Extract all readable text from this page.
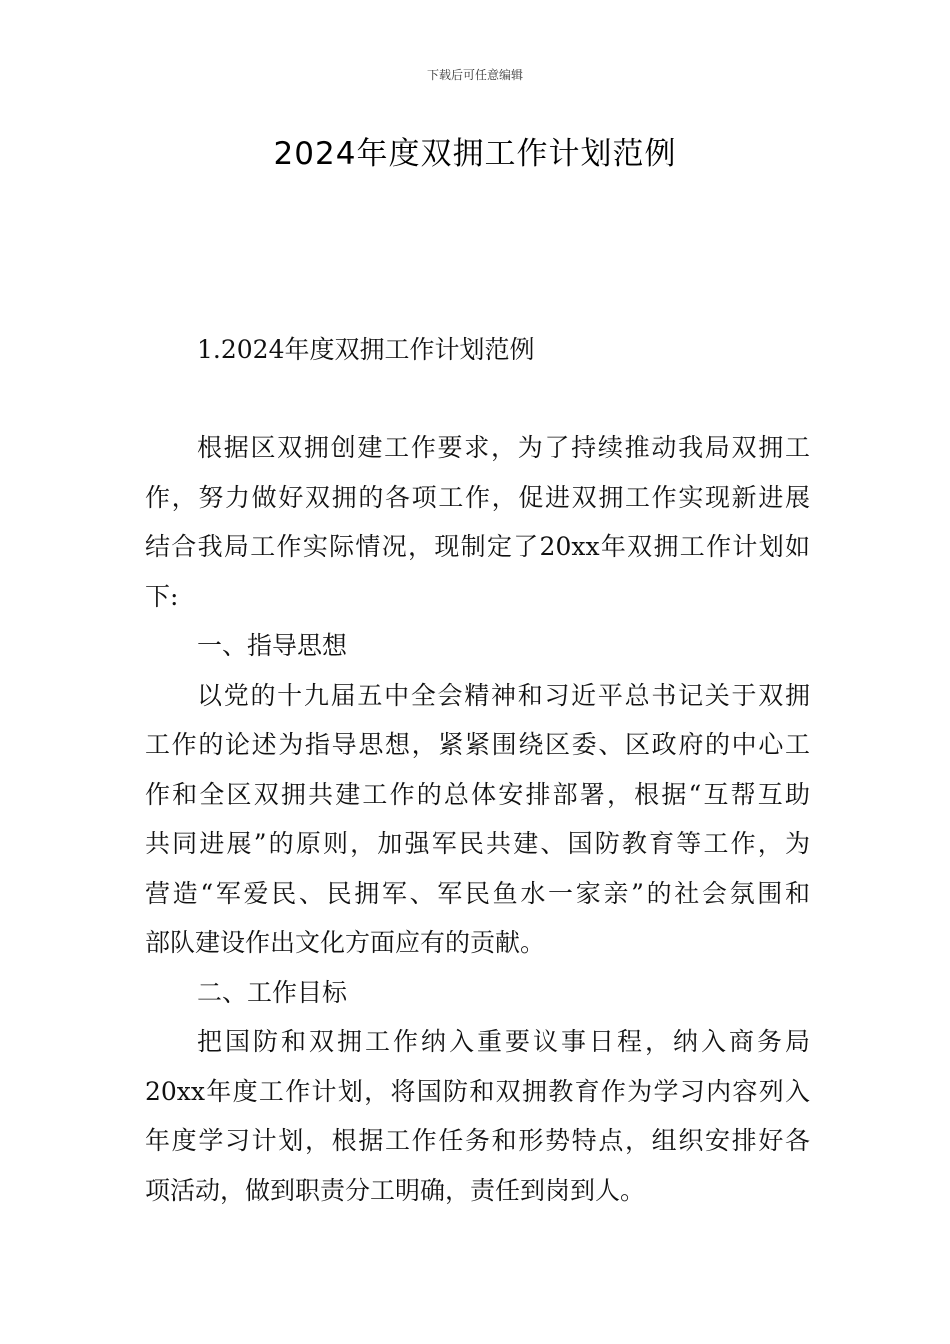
下载后可任意编辑
2024年度双拥工作计划范例
1.2024年度双拥工作计划范例
根据区双拥创建工作要求，为了持续推动我局双拥工
作，努力做好双拥的各项工作，促进双拥工作实现新进展
结合我局工作实际情况，现制定了20xx年双拥工作计划如
下:
一、指导思想
以党的十九届五中全会精神和习近平总书记关于双拥
工作的论述为指导思想，紧紧围绕区委、区政府的中心工
作和全区双拥共建工作的总体安排部署，根据“互帮互助
共同进展”的原则，加强军民共建、国防教育等工作，为
营造“军爱民、民拥军、军民鱼水一家亲”的社会氛围和
部队建设作出文化方面应有的贡献。
二、工作目标
把国防和双拥工作纳入重要议事日程，纳入商务局
20xx年度工作计划，将国防和双拥教育作为学习内容列入
年度学习计划，根据工作任务和形势特点，组织安排好各
项活动，做到职责分工明确，责任到岗到人。
